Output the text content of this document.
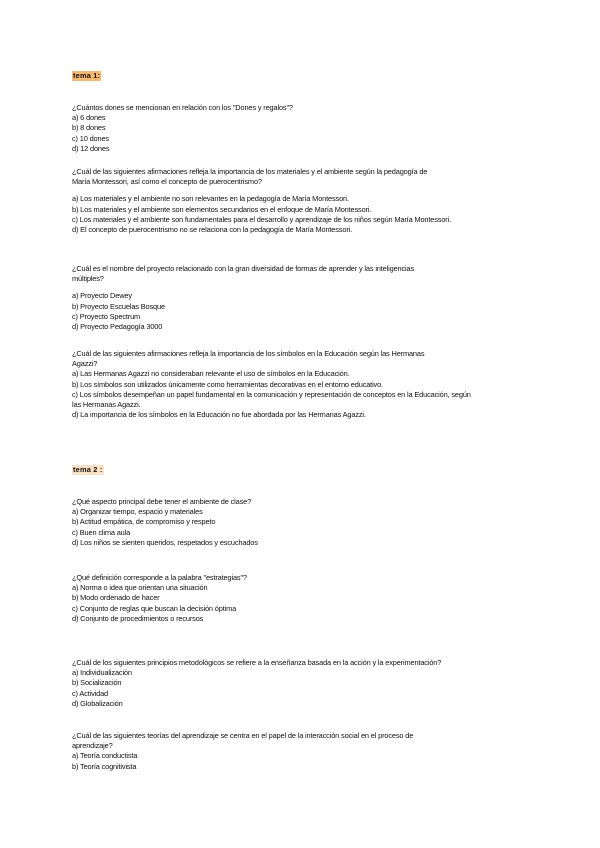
tema 1:
¿Cuántos dones se mencionan en relación con los "Dones y regalos"?
a) 6 dones
b) 8 dones
c) 10 dones
d) 12 dones
¿Cuál de las siguientes afirmaciones refleja la importancia de los materiales y el ambiente según la pedagogía de
María Montessori, así como el concepto de puerocentrismo?
a) Los materiales y el ambiente no son relevantes en la pedagogía de María Montessori.
b) Los materiales y el ambiente son elementos secundarios en el enfoque de María Montessori.
c) Los materiales y el ambiente son fundamentales para el desarrollo y aprendizaje de los niños según María Montessori.
d) El concepto de puerocentrismo no se relaciona con la pedagogía de María Montessori.
¿Cuál es el nombre del proyecto relacionado con la gran diversidad de formas de aprender y las inteligencias
múltiples?
a) Proyecto Dewey
b) Proyecto Escuelas Bosque
c) Proyecto Spectrum
d) Proyecto Pedagogía 3000
¿Cuál de las siguientes afirmaciones refleja la importancia de los símbolos en la Educación según las Hermanas
Agazzi?
a) Las Hermanas Agazzi no consideraban relevante el uso de símbolos en la Educación.
b) Los símbolos son utilizados únicamente como herramientas decorativas en el entorno educativo.
c) Los símbolos desempeñan un papel fundamental en la comunicación y representación de conceptos en la Educación, según
las Hermanas Agazzi.
d) La importancia de los símbolos en la Educación no fue abordada por las Hermanas Agazzi.
tema 2 :
¿Qué aspecto principal debe tener el ambiente de clase?
a) Organizar tiempo, espacio y materiales
b) Actitud empática, de compromiso y respeto
c) Buen clima aula
d) Los niños se sienten queridos, respetados y escuchados
¿Qué definición corresponde a la palabra "estrategias"?
a) Norma o idea que orientan una situación
b) Modo ordenado de hacer
c) Conjunto de reglas que buscan la decisión óptima
d) Conjunto de procedimientos o recursos
¿Cuál de los siguientes principios metodológicos se refiere a la enseñanza basada en la acción y la experimentación?
a) Individualización
b) Socialización
c) Actividad
d) Globalización
¿Cuál de las siguientes teorías del aprendizaje se centra en el papel de la interacción social en el proceso de
aprendizaje?
a) Teoría conductista
b) Teoría cognitivista
